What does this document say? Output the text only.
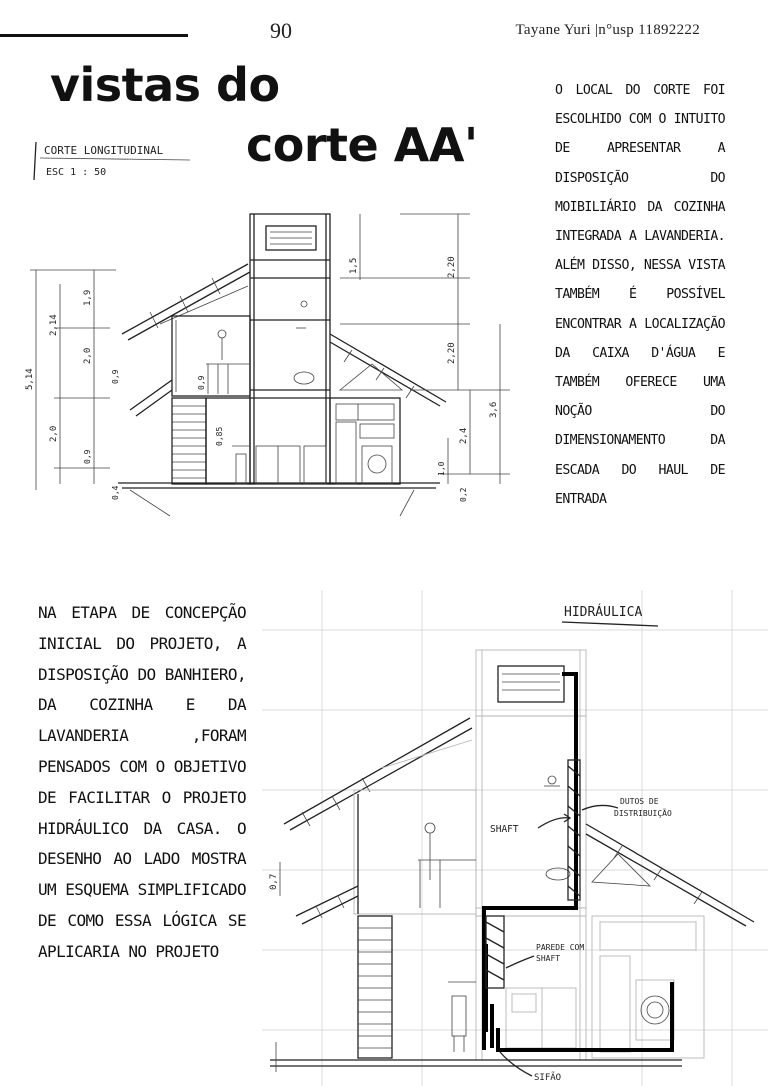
90	Tayane Yuri |n°usp 11892222
vistas do
corte AA'

O LOCAL DO CORTE FOI ESCOLHIDO COM O INTUITO DE APRESENTAR A DISPOSIÇÃO DO MOIBILIÁRIO DA COZINHA INTEGRADA A LAVANDERIA. ALÉM DISSO, NESSA VISTA TAMBÉM É POSSÍVEL ENCONTRAR A LOCALIZAÇÃO DA CAIXA D'ÁGUA E TAMBÉM OFERECE UMA NOÇÃO DO DIMENSIONAMENTO DA ESCADA DO HAUL DE ENTRADA

NA ETAPA DE CONCEPÇÃO INICIAL DO PROJETO, A DISPOSIÇÃO DO BANHIERO, DA COZINHA E DA LAVANDERIA ,FORAM PENSADOS COM O OBJETIVO DE FACILITAR O PROJETO HIDRÁULICO DA CASA. O DESENHO AO LADO MOSTRA UM ESQUEMA SIMPLIFICADO DE COMO ESSA LÓGICA SE APLICARIA NO PROJETO

CORTE LONGITUDINAL
ESC 1 : 50
5,14
2,14
1,9
2,0
0,9
2,0
0,9
0,4
0,9
0,85
1,5	2,20
2,20
3,6
2,4
1,0
0,2
HIDRÁULICA
SHAFT
DUTOS DE DISTRIBUIÇÃO
PAREDE COM SHAFT
SIFÃO
0,7
